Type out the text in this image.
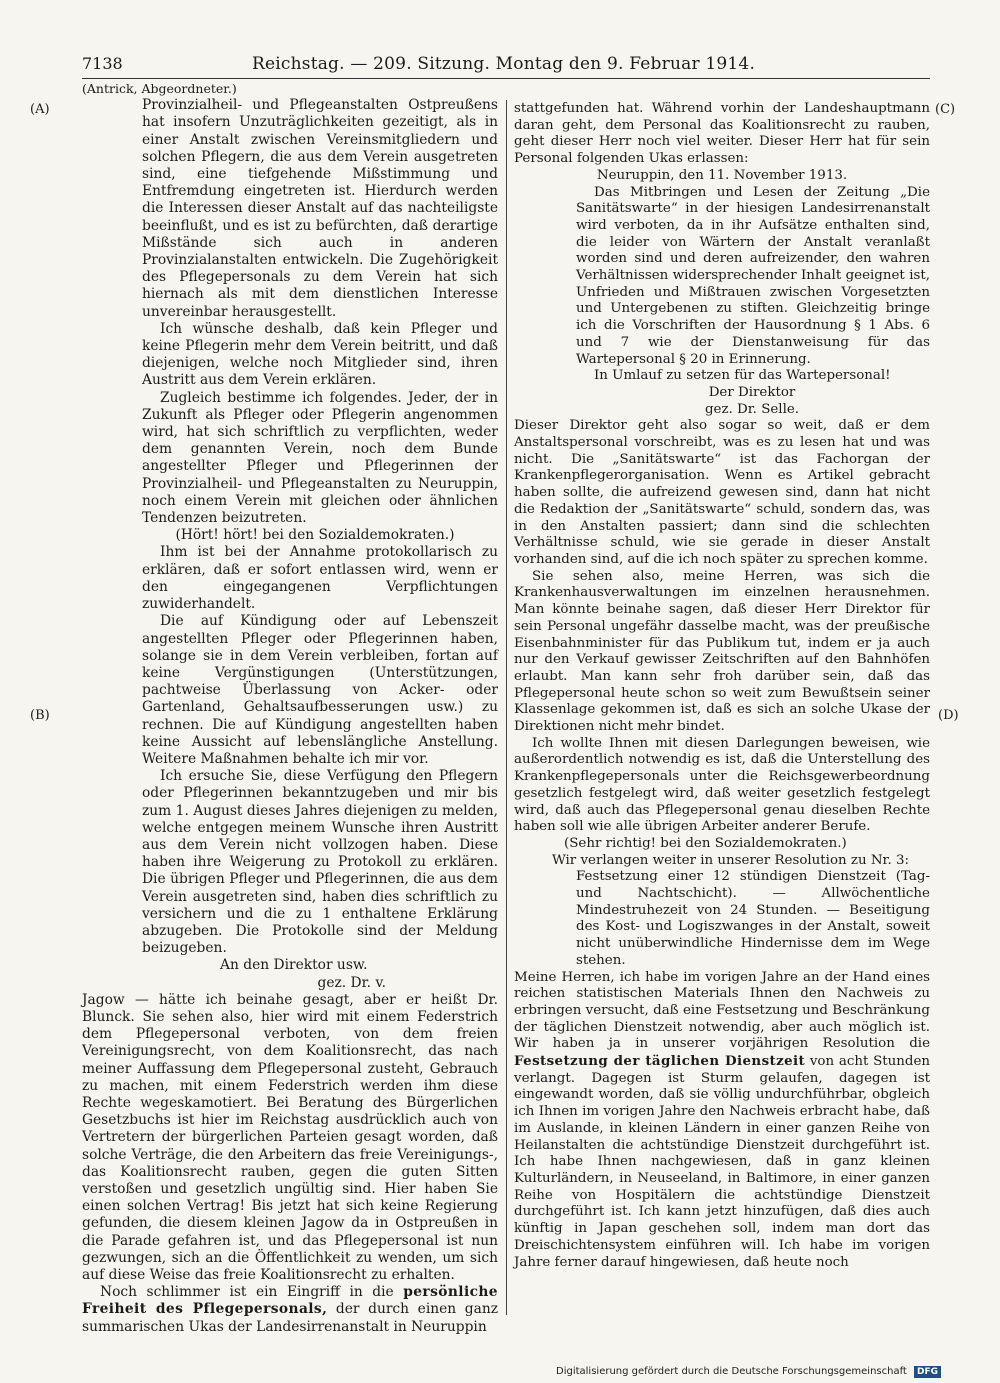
7138	Reichstag. — 209. Sitzung. Montag den 9. Februar 1914.
(A)
(B)
(C)
(D)

(Antrick, Abgeordneter.)

Provinzialheil- und Pflegeanstalten Ostpreußens hat insofern Unzuträglichkeiten gezeitigt, als in einer Anstalt zwischen Vereinsmitgliedern und solchen Pflegern, die aus dem Verein ausgetreten sind, eine tiefgehende Mißstimmung und Entfremdung eingetreten ist. Hierdurch werden die Interessen dieser Anstalt auf das nachteiligste beeinflußt, und es ist zu befürchten, daß derartige Mißstände sich auch in anderen Provinzialanstalten entwickeln. Die Zugehörigkeit des Pflegepersonals zu dem Verein hat sich hiernach als mit dem dienstlichen Interesse unvereinbar herausgestellt.

Ich wünsche deshalb, daß kein Pfleger und keine Pflegerin mehr dem Verein beitritt, und daß diejenigen, welche noch Mitglieder sind, ihren Austritt aus dem Verein erklären.

Zugleich bestimme ich folgendes. Jeder, der in Zukunft als Pfleger oder Pflegerin angenommen wird, hat sich schriftlich zu verpflichten, weder dem genannten Verein, noch dem Bunde angestellter Pfleger und Pflegerinnen der Provinzialheil- und Pflegeanstalten zu Neuruppin, noch einem Verein mit gleichen oder ähnlichen Tendenzen beizutreten.

(Hört! hört! bei den Sozialdemokraten.)

Ihm ist bei der Annahme protokollarisch zu erklären, daß er sofort entlassen wird, wenn er den eingegangenen Verpflichtungen zuwiderhandelt.

Die auf Kündigung oder auf Lebenszeit angestellten Pfleger oder Pflegerinnen haben, solange sie in dem Verein verbleiben, fortan auf keine Vergünstigungen (Unterstützungen, pachtweise Überlassung von Acker- oder Gartenland, Gehaltsaufbesserungen usw.) zu rechnen. Die auf Kündigung angestellten haben keine Aussicht auf lebenslängliche Anstellung. Weitere Maßnahmen behalte ich mir vor.

Ich ersuche Sie, diese Verfügung den Pflegern oder Pflegerinnen bekanntzugeben und mir bis zum 1. August dieses Jahres diejenigen zu melden, welche entgegen meinem Wunsche ihren Austritt aus dem Verein nicht vollzogen haben. Diese haben ihre Weigerung zu Protokoll zu erklären. Die übrigen Pfleger und Pflegerinnen, die aus dem Verein ausgetreten sind, haben dies schriftlich zu versichern und die zu 1 enthaltene Erklärung abzugeben. Die Protokolle sind der Meldung beizugeben.

An den Direktor usw.

gez. Dr. v.

Jagow — hätte ich beinahe gesagt, aber er heißt Dr. Blunck. Sie sehen also, hier wird mit einem Federstrich dem Pflegepersonal verboten, von dem freien Vereinigungsrecht, von dem Koalitionsrecht, das nach meiner Auffassung dem Pflegepersonal zusteht, Gebrauch zu machen, mit einem Federstrich werden ihm diese Rechte wegeskamotiert. Bei Beratung des Bürgerlichen Gesetzbuchs ist hier im Reichstag ausdrücklich auch von Vertretern der bürgerlichen Parteien gesagt worden, daß solche Verträge, die den Arbeitern das freie Vereinigungs-, das Koalitionsrecht rauben, gegen die guten Sitten verstoßen und gesetzlich ungültig sind. Hier haben Sie einen solchen Vertrag! Bis jetzt hat sich keine Regierung gefunden, die diesem kleinen Jagow da in Ostpreußen in die Parade gefahren ist, und das Pflegepersonal ist nun gezwungen, sich an die Öffentlichkeit zu wenden, um sich auf diese Weise das freie Koalitionsrecht zu erhalten.

Noch schlimmer ist ein Eingriff in die persönliche Freiheit des Pflegepersonals, der durch einen ganz summarischen Ukas der Landesirrenanstalt in Neuruppin

stattgefunden hat. Während vorhin der Landeshauptmann daran geht, dem Personal das Koalitionsrecht zu rauben, geht dieser Herr noch viel weiter. Dieser Herr hat für sein Personal folgenden Ukas erlassen:

Neuruppin, den 11. November 1913.

Das Mitbringen und Lesen der Zeitung „Die Sanitätswarte“ in der hiesigen Landesirrenanstalt wird verboten, da in ihr Aufsätze enthalten sind, die leider von Wärtern der Anstalt veranlaßt worden sind und deren aufreizender, den wahren Verhältnissen widersprechender Inhalt geeignet ist, Unfrieden und Mißtrauen zwischen Vorgesetzten und Untergebenen zu stiften. Gleichzeitig bringe ich die Vorschriften der Hausordnung § 1 Abs. 6 und 7 wie der Dienstanweisung für das Wartepersonal § 20 in Erinnerung.

In Umlauf zu setzen für das Wartepersonal!

Der Direktor

gez. Dr. Selle.

Dieser Direktor geht also sogar so weit, daß er dem Anstaltspersonal vorschreibt, was es zu lesen hat und was nicht. Die „Sanitätswarte“ ist das Fachorgan der Krankenpflegerorganisation. Wenn es Artikel gebracht haben sollte, die aufreizend gewesen sind, dann hat nicht die Redaktion der „Sanitätswarte“ schuld, sondern das, was in den Anstalten passiert; dann sind die schlechten Verhältnisse schuld, wie sie gerade in dieser Anstalt vorhanden sind, auf die ich noch später zu sprechen komme.

Sie sehen also, meine Herren, was sich die Krankenhausverwaltungen im einzelnen herausnehmen. Man könnte beinahe sagen, daß dieser Herr Direktor für sein Personal ungefähr dasselbe macht, was der preußische Eisenbahnminister für das Publikum tut, indem er ja auch nur den Verkauf gewisser Zeitschriften auf den Bahnhöfen erlaubt. Man kann sehr froh darüber sein, daß das Pflegepersonal heute schon so weit zum Bewußtsein seiner Klassenlage gekommen ist, daß es sich an solche Ukase der Direktionen nicht mehr bindet.

Ich wollte Ihnen mit diesen Darlegungen beweisen, wie außerordentlich notwendig es ist, daß die Unterstellung des Krankenpflegepersonals unter die Reichsgewerbeordnung gesetzlich festgelegt wird, daß weiter gesetzlich festgelegt wird, daß auch das Pflegepersonal genau dieselben Rechte haben soll wie alle übrigen Arbeiter anderer Berufe.

(Sehr richtig! bei den Sozialdemokraten.)

Wir verlangen weiter in unserer Resolution zu Nr. 3:

Festsetzung einer 12 stündigen Dienstzeit (Tag- und Nachtschicht). — Allwöchentliche Mindestruhezeit von 24 Stunden. — Beseitigung des Kost- und Logiszwanges in der Anstalt, soweit nicht unüberwindliche Hindernisse dem im Wege stehen.

Meine Herren, ich habe im vorigen Jahre an der Hand eines reichen statistischen Materials Ihnen den Nachweis zu erbringen versucht, daß eine Festsetzung und Beschränkung der täglichen Dienstzeit notwendig, aber auch möglich ist. Wir haben ja in unserer vorjährigen Resolution die Festsetzung der täglichen Dienstzeit von acht Stunden verlangt. Dagegen ist Sturm gelaufen, dagegen ist eingewandt worden, daß sie völlig undurchführbar, obgleich ich Ihnen im vorigen Jahre den Nachweis erbracht habe, daß im Auslande, in kleinen Ländern in einer ganzen Reihe von Heilanstalten die achtstündige Dienstzeit durchgeführt ist. Ich habe Ihnen nachgewiesen, daß in ganz kleinen Kulturländern, in Neuseeland, in Baltimore, in einer ganzen Reihe von Hospitälern die achtstündige Dienstzeit durchgeführt ist. Ich kann jetzt hinzufügen, daß dies auch künftig in Japan geschehen soll, indem man dort das Dreischichtensystem einführen will. Ich habe im vorigen Jahre ferner darauf hingewiesen, daß heute noch

Digitalisierung gefördert durch die Deutsche Forschungsgemeinschaft DFG
